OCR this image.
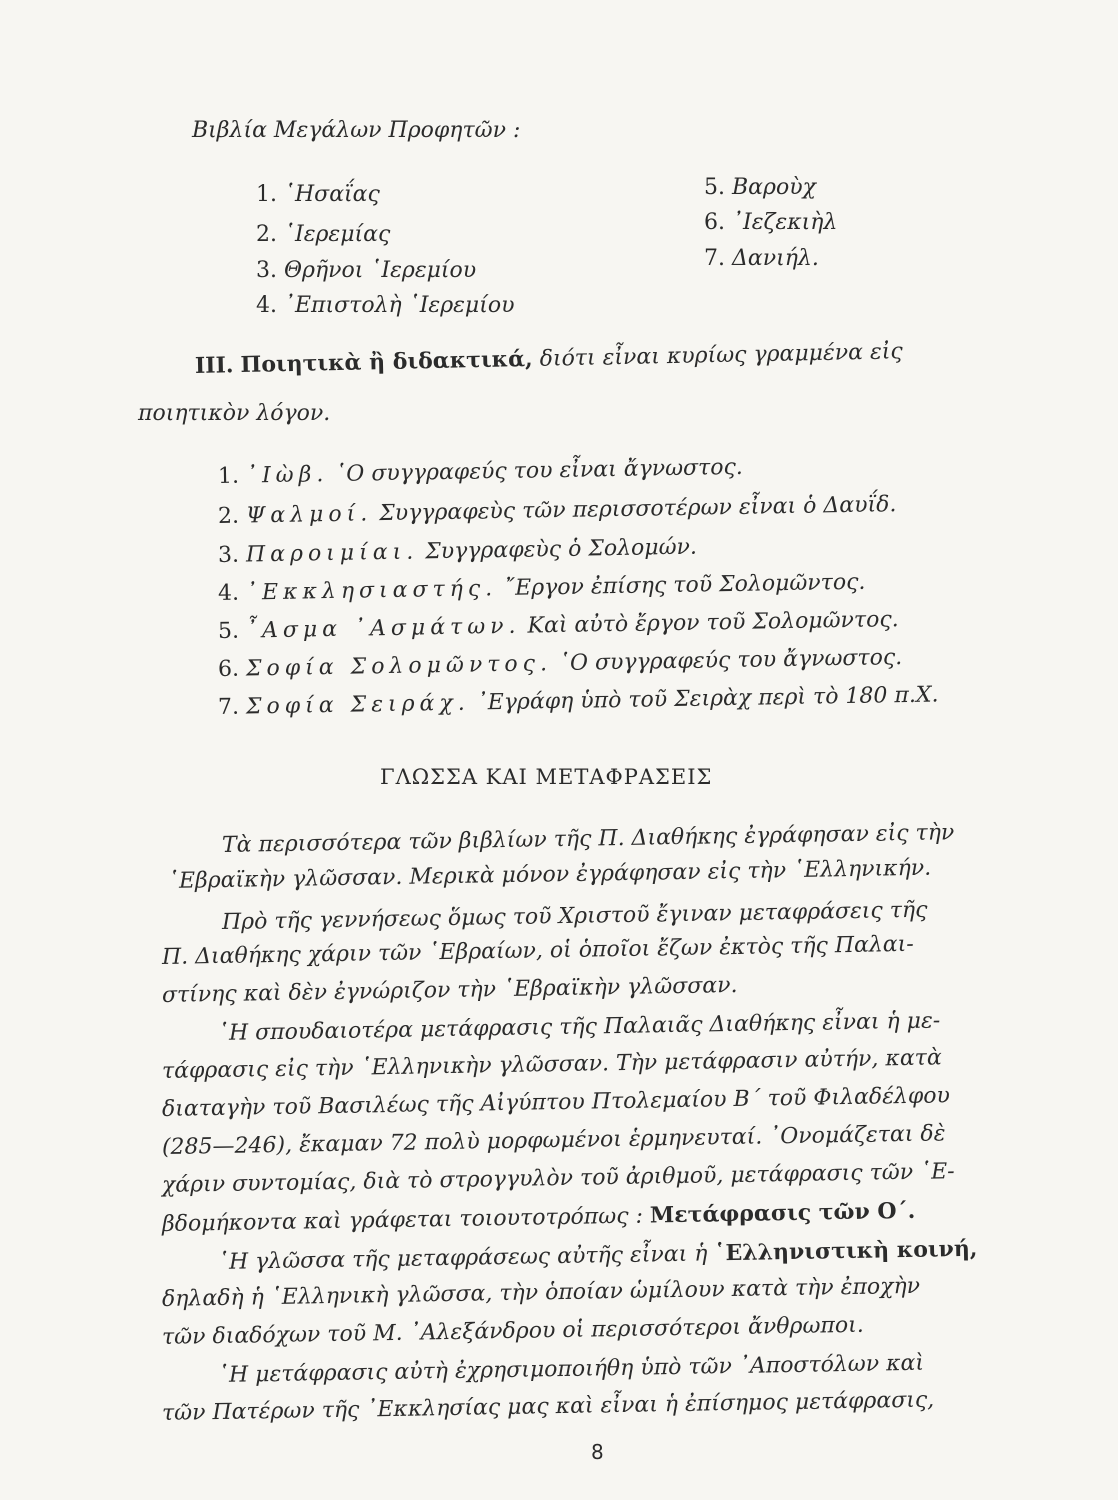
Βιβλία Μεγάλων Προφητῶν :
1. ῾Ησαΐας
2. ῾Ιερεμίας
3. Θρῆνοι ῾Ιερεμίου
4. ᾿Επιστολὴ ῾Ιερεμίου
5. Βαροὺχ
6. ᾿Ιεζεκιὴλ
7. Δανιήλ.
III. Ποιητικὰ ἢ διδακτικά, διότι εἶναι κυρίως γραμμένα εἰς
ποιητικὸν λόγον.
1. ᾿Ιὼβ. ῾Ο συγγραφεύς του εἶναι ἄγνωστος.
2. Ψαλμοί. Συγγραφεὺς τῶν περισσοτέρων εἶναι ὁ Δαυΐδ.
3. Παροιμίαι. Συγγραφεὺς ὁ Σολομών.
4. ᾿Εκκλησιαστής. ῎Εργον ἐπίσης τοῦ Σολομῶντος.
5. ῏Ασμα ᾿Ασμάτων. Καὶ αὐτὸ ἔργον τοῦ Σολομῶντος.
6. Σοφία Σολομῶντος. ῾Ο συγγραφεύς του ἄγνωστος.
7. Σοφία Σειράχ. ᾿Εγράφη ὑπὸ τοῦ Σειρὰχ περὶ τὸ 180 π.Χ.
ΓΛΩΣΣΑ ΚΑΙ ΜΕΤΑΦΡΑΣΕΙΣ
Τὰ περισσότερα τῶν βιβλίων τῆς Π. Διαθήκης ἐγράφησαν εἰς τὴν
῾Εβραϊκὴν γλῶσσαν. Μερικὰ μόνον ἐγράφησαν εἰς τὴν ῾Ελληνικήν.
Πρὸ τῆς γεννήσεως ὅμως τοῦ Χριστοῦ ἔγιναν μεταφράσεις τῆς
Π. Διαθήκης χάριν τῶν ῾Εβραίων, οἱ ὁποῖοι ἔζων ἐκτὸς τῆς Παλαι-
στίνης καὶ δὲν ἐγνώριζον τὴν ῾Εβραϊκὴν γλῶσσαν.
῾Η σπουδαιοτέρα μετάφρασις τῆς Παλαιᾶς Διαθήκης εἶναι ἡ με-
τάφρασις εἰς τὴν ῾Ελληνικὴν γλῶσσαν. Τὴν μετάφρασιν αὐτήν, κατὰ
διαταγὴν τοῦ Βασιλέως τῆς Αἰγύπτου Πτολεμαίου Β΄ τοῦ Φιλαδέλφου
(285—246), ἔκαμαν 72 πολὺ μορφωμένοι ἑρμηνευταί. ᾿Ονομάζεται δὲ
χάριν συντομίας, διὰ τὸ στρογγυλὸν τοῦ ἀριθμοῦ, μετάφρασις τῶν ῾Ε-
βδομήκοντα καὶ γράφεται τοιουτοτρόπως : Μετάφρασις τῶν Ο΄.
῾Η γλῶσσα τῆς μεταφράσεως αὐτῆς εἶναι ἡ ῾Ελληνιστικὴ κοινή,
δηλαδὴ ἡ ῾Ελληνικὴ γλῶσσα, τὴν ὁποίαν ὡμίλουν κατὰ τὴν ἐποχὴν
τῶν διαδόχων τοῦ Μ. ᾿Αλεξάνδρου οἱ περισσότεροι ἄνθρωποι.
῾Η μετάφρασις αὐτὴ ἐχρησιμοποιήθη ὑπὸ τῶν ᾿Αποστόλων καὶ
τῶν Πατέρων τῆς ᾿Εκκλησίας μας καὶ εἶναι ἡ ἐπίσημος μετάφρασις,
8
